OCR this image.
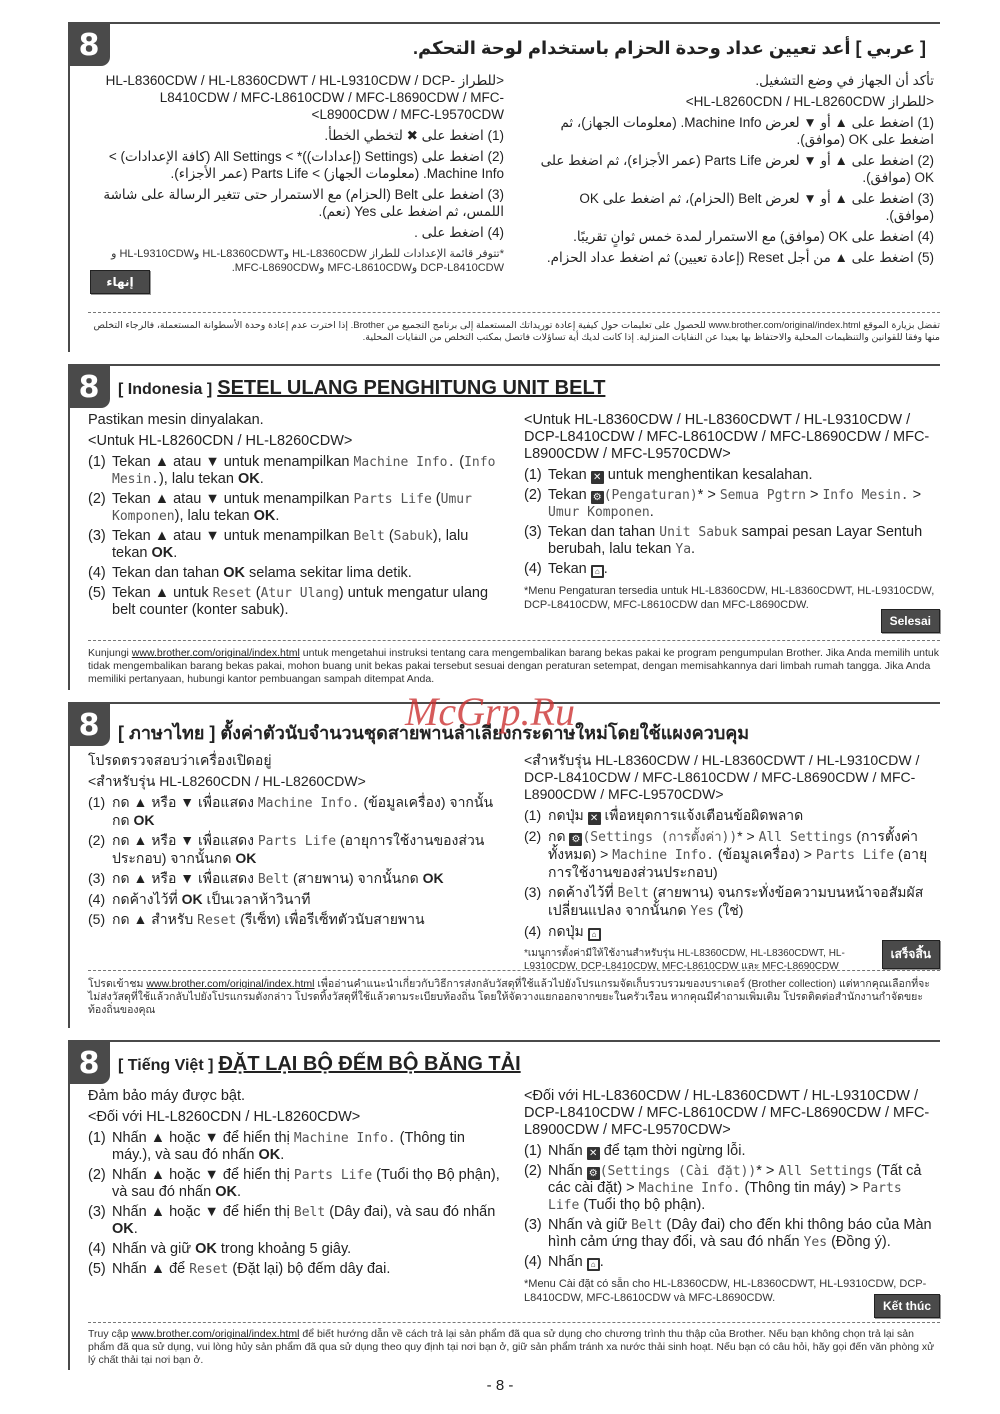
8	[ عربي ] أعد تعيين عداد وحدة الحزام باستخدام لوحة التحكم.

تأكد أن الجهاز في وضع التشغيل.

<للطراز HL-L8260CDN / HL-L8260CDW>

(1) اضغط على ▲ أو ▼ لعرض Machine Info. (معلومات الجهاز)، ثم اضغط على OK (موافق).

(2) اضغط على ▲ أو ▼ لعرض Parts Life (عمر الأجزاء)، ثم اضغط على OK (موافق).

(3) اضغط على ▲ أو ▼ لعرض Belt (الحزام)، ثم اضغط على OK (موافق).

(4) اضغط على OK (موافق) مع الاستمرار لمدة خمس ثوانٍ تقريبًا.

(5) اضغط على ▲ من أجل Reset (إعادة تعيين) ثم اضغط عداد الحزام.

<للطراز HL-L8360CDW / HL-L8360CDWT / HL-L9310CDW / DCP-L8410CDW / MFC-L8610CDW / MFC-L8690CDW / MFC-L8900CDW / MFC-L9570CDW>

(1) اضغط على ✖ لتخطي الخطأ.

(2) اضغط على (Settings (إعدادات))* > All Settings (كافة الإعدادات) > Machine Info. (معلومات الجهاز) > Parts Life (عمر الأجزاء).

(3) اضغط على Belt (الحزام) مع الاستمرار حتى تتغير الرسالة على شاشة اللمس، ثم اضغط على Yes (نعم).

(4) اضغط على .

*تتوفر قائمة الإعدادات للطراز HL-L8360CDW وHL-L8360CDWT وHL-L9310CDW و DCP-L8410CDW وMFC-L8610CDW وMFC-L8690CDW.

إنهاء
تفضل بزيارة الموقع www.brother.com/original/index.html للحصول على تعليمات حول كيفية إعادة توريداتك المستعملة إلى برنامج التجميع من Brother. إذا اخترت عدم إعادة وحدة الأسطوانة المستعملة، فالرجاء التخلص منها وفقا للقوانين والتنظيمات المحلية والاحتفاظ بها بعيدا عن النفايات المنزلية. إذا كانت لديك أية تساؤلات فاتصل بمكتب التخلص من النفايات المحلية.
8	[ Indonesia ] SETEL ULANG PENGHITUNG UNIT BELT

Pastikan mesin dinyalakan.

<Untuk HL-L8260CDN / HL-L8260CDW>

(1) Tekan ▲ atau ▼ untuk menampilkan Machine Info. (Info Mesin.), lalu tekan OK.
(2) Tekan ▲ atau ▼ untuk menampilkan Parts Life (Umur Komponen), lalu tekan OK.
(3) Tekan ▲ atau ▼ untuk menampilkan Belt (Sabuk), lalu tekan OK.
(4) Tekan dan tahan OK selama sekitar lima detik.
(5) Tekan ▲ untuk Reset (Atur Ulang) untuk mengatur ulang belt counter (konter sabuk).

<Untuk HL-L8360CDW / HL-L8360CDWT / HL-L9310CDW / DCP-L8410CDW / MFC-L8610CDW / MFC-L8690CDW / MFC-L8900CDW / MFC-L9570CDW>

(1) Tekan ✕ untuk menghentikan kesalahan.
(2) Tekan ⚙ (Pengaturan)* > Semua Pgtrn > Info Mesin. > Umur Komponen.
(3) Tekan dan tahan Unit Sabuk sampai pesan Layar Sentuh berubah, lalu tekan Ya.
(4) Tekan ⌂ .

*Menu Pengaturan tersedia untuk HL-L8360CDW, HL-L8360CDWT, HL-L9310CDW, DCP-L8410CDW, MFC-L8610CDW dan MFC-L8690CDW.

Selesai
Kunjungi www.brother.com/original/index.html untuk mengetahui instruksi tentang cara mengembalikan barang bekas pakai ke program pengumpulan Brother. Jika Anda memilih untuk tidak mengembalikan barang bekas pakai, mohon buang unit bekas pakai tersebut sesuai dengan peraturan setempat, dengan memisahkannya dari limbah rumah tangga. Jika Anda memiliki pertanyaan, hubungi kantor pembuangan sampah ditempat Anda.
8	[ ภาษาไทย ] ตั้งค่าตัวนับจำนวนชุดสายพานลำเลียงกระดาษใหม่โดยใช้แผงควบคุม

โปรดตรวจสอบว่าเครื่องเปิดอยู่

<สำหรับรุ่น HL-L8260CDN / HL-L8260CDW>

(1) กด ▲ หรือ ▼ เพื่อแสดง Machine Info. (ข้อมูลเครื่อง) จากนั้นกด OK
(2) กด ▲ หรือ ▼ เพื่อแสดง Parts Life (อายุการใช้งานของส่วนประกอบ) จากนั้นกด OK
(3) กด ▲ หรือ ▼ เพื่อแสดง Belt (สายพาน) จากนั้นกด OK
(4) กดค้างไว้ที่ OK เป็นเวลาห้าวินาที
(5) กด ▲ สำหรับ Reset (รีเซ็ท) เพื่อรีเซ็ทตัวนับสายพาน

<สำหรับรุ่น HL-L8360CDW / HL-L8360CDWT / HL-L9310CDW / DCP-L8410CDW / MFC-L8610CDW / MFC-L8690CDW / MFC-L8900CDW / MFC-L9570CDW>

(1) กดปุ่ม ✕ เพื่อหยุดการแจ้งเตือนข้อผิดพลาด
(2) กด ⚙ (Settings (การตั้งค่า))* > All Settings (การตั้งค่าทั้งหมด) > Machine Info. (ข้อมูลเครื่อง) > Parts Life (อายุการใช้งานของส่วนประกอบ)
(3) กดค้างไว้ที่ Belt (สายพาน) จนกระทั่งข้อความบนหน้าจอสัมผัสเปลี่ยนแปลง จากนั้นกด Yes (ใช่)
(4) กดปุ่ม ⌂

*เมนูการตั้งค่ามีให้ใช้งานสำหรับรุ่น HL-L8360CDW, HL-L8360CDWT, HL-L9310CDW, DCP-L8410CDW, MFC-L8610CDW และ MFC-L8690CDW

เสร็จสิ้น
โปรดเข้าชม www.brother.com/original/index.html เพื่ออ่านคำแนะนำเกี่ยวกับวิธีการส่งกลับวัสดุที่ใช้แล้วไปยังโปรแกรมจัดเก็บรวบรวมของบราเดอร์ (Brother collection) แต่หากคุณเลือกที่จะไม่ส่งวัสดุที่ใช้แล้วกลับไปยังโปรแกรมดังกล่าว โปรดทิ้งวัสดุที่ใช้แล้วตามระเบียบท้องถิ่น โดยให้จัดวางแยกออกจากขยะในครัวเรือน หากคุณมีคำถามเพิ่มเติม โปรดติดต่อสำนักงานกำจัดขยะท้องถิ่นของคุณ
8	[ Tiếng Việt ] ĐẶT LẠI BỘ ĐẾM BỘ BĂNG TẢI

Đảm bảo máy được bật.

<Đối với HL-L8260CDN / HL-L8260CDW>

(1) Nhấn ▲ hoặc ▼ để hiển thị Machine Info. (Thông tin máy.), và sau đó nhấn OK.
(2) Nhấn ▲ hoặc ▼ để hiển thị Parts Life (Tuổi thọ Bộ phận), và sau đó nhấn OK.
(3) Nhấn ▲ hoặc ▼ để hiển thị Belt (Dây đai), và sau đó nhấn OK.
(4) Nhấn và giữ OK trong khoảng 5 giây.
(5) Nhấn ▲ để Reset (Đặt lại) bộ đếm dây đai.

<Đối với HL-L8360CDW / HL-L8360CDWT / HL-L9310CDW / DCP-L8410CDW / MFC-L8610CDW / MFC-L8690CDW / MFC-L8900CDW / MFC-L9570CDW>

(1) Nhấn ✕ để tạm thời ngừng lỗi.
(2) Nhấn ⚙ (Settings (Cài đặt))* > All Settings (Tất cả các cài đặt) > Machine Info. (Thông tin máy) > Parts Life (Tuổi thọ bộ phận).
(3) Nhấn và giữ Belt (Dây đai) cho đến khi thông báo của Màn hình cảm ứng thay đổi, và sau đó nhấn Yes (Đồng ý).
(4) Nhấn ⌂ .

*Menu Cài đặt có sẵn cho HL-L8360CDW, HL-L8360CDWT, HL-L9310CDW, DCP-L8410CDW, MFC-L8610CDW và MFC-L8690CDW.

Kết thúc
Truy cập www.brother.com/original/index.html để biết hướng dẫn về cách trả lại sản phẩm đã qua sử dụng cho chương trình thu thập của Brother. Nếu bạn không chọn trả lại sản phẩm đã qua sử dụng, vui lòng hủy sản phẩm đã qua sử dụng theo quy định tại nơi bạn ở, giữ sản phẩm tránh xa nước thải sinh hoạt. Nếu bạn có câu hỏi, hãy gọi đến văn phòng xử lý chất thải tại nơi bạn ở.
McGrp.Ru
- 8 -
